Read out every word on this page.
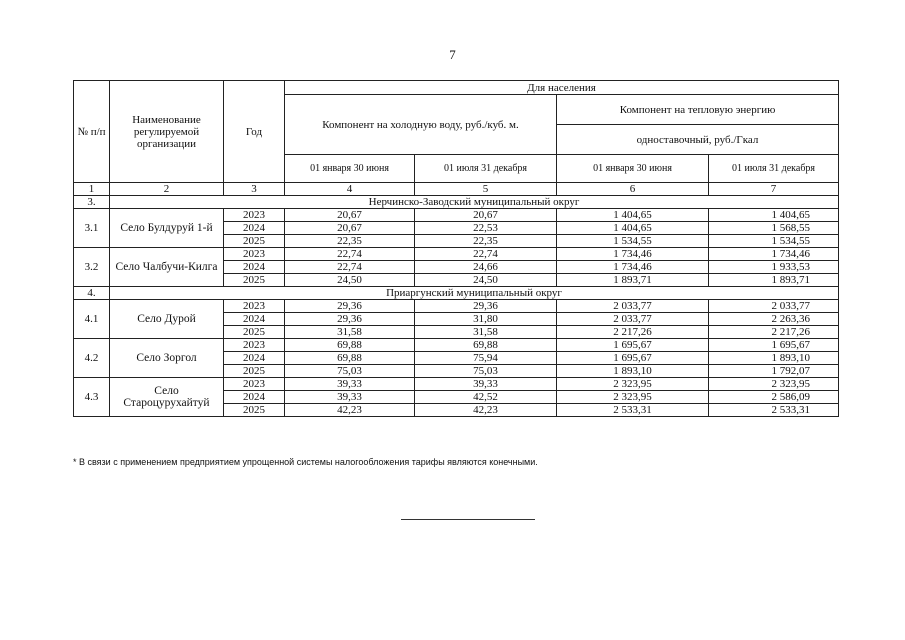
7
№ п/п	Наименование регулируемой организации	Год	Для населения			
			Компонент на холодную воду, руб./куб. м.		Компонент на тепловую энергию	
					одноставочный, руб./Гкал	
			01 января 30 июня	01 июля 31 декабря	01 января 30 июня	01 июля 31 декабря
1	2	3	4	5	6	7
3.	Нерчинско-Заводский муниципальный округ					
3.1	Село Булдуруй 1-й	2023	20,67	20,67	1 404,65	1 404,65
		2024	20,67	22,53	1 404,65	1 568,55
		2025	22,35	22,35	1 534,55	1 534,55
3.2	Село Чалбучи-Килга	2023	22,74	22,74	1 734,46	1 734,46
		2024	22,74	24,66	1 734,46	1 933,53
		2025	24,50	24,50	1 893,71	1 893,71
4.	Приаргунский муниципальный округ					
4.1	Село Дурой	2023	29,36	29,36	2 033,77	2 033,77
		2024	29,36	31,80	2 033,77	2 263,36
		2025	31,58	31,58	2 217,26	2 217,26
4.2	Село Зоргол	2023	69,88	69,88	1 695,67	1 695,67
		2024	69,88	75,94	1 695,67	1 893,10
		2025	75,03	75,03	1 893,10	1 792,07
4.3	Село Староцурухайтуй	2023	39,33	39,33	2 323,95	2 323,95
		2024	39,33	42,52	2 323,95	2 586,09
		2025	42,23	42,23	2 533,31	2 533,31
* В связи с применением предприятием упрощенной системы налогообложения тарифы являются конечными.
